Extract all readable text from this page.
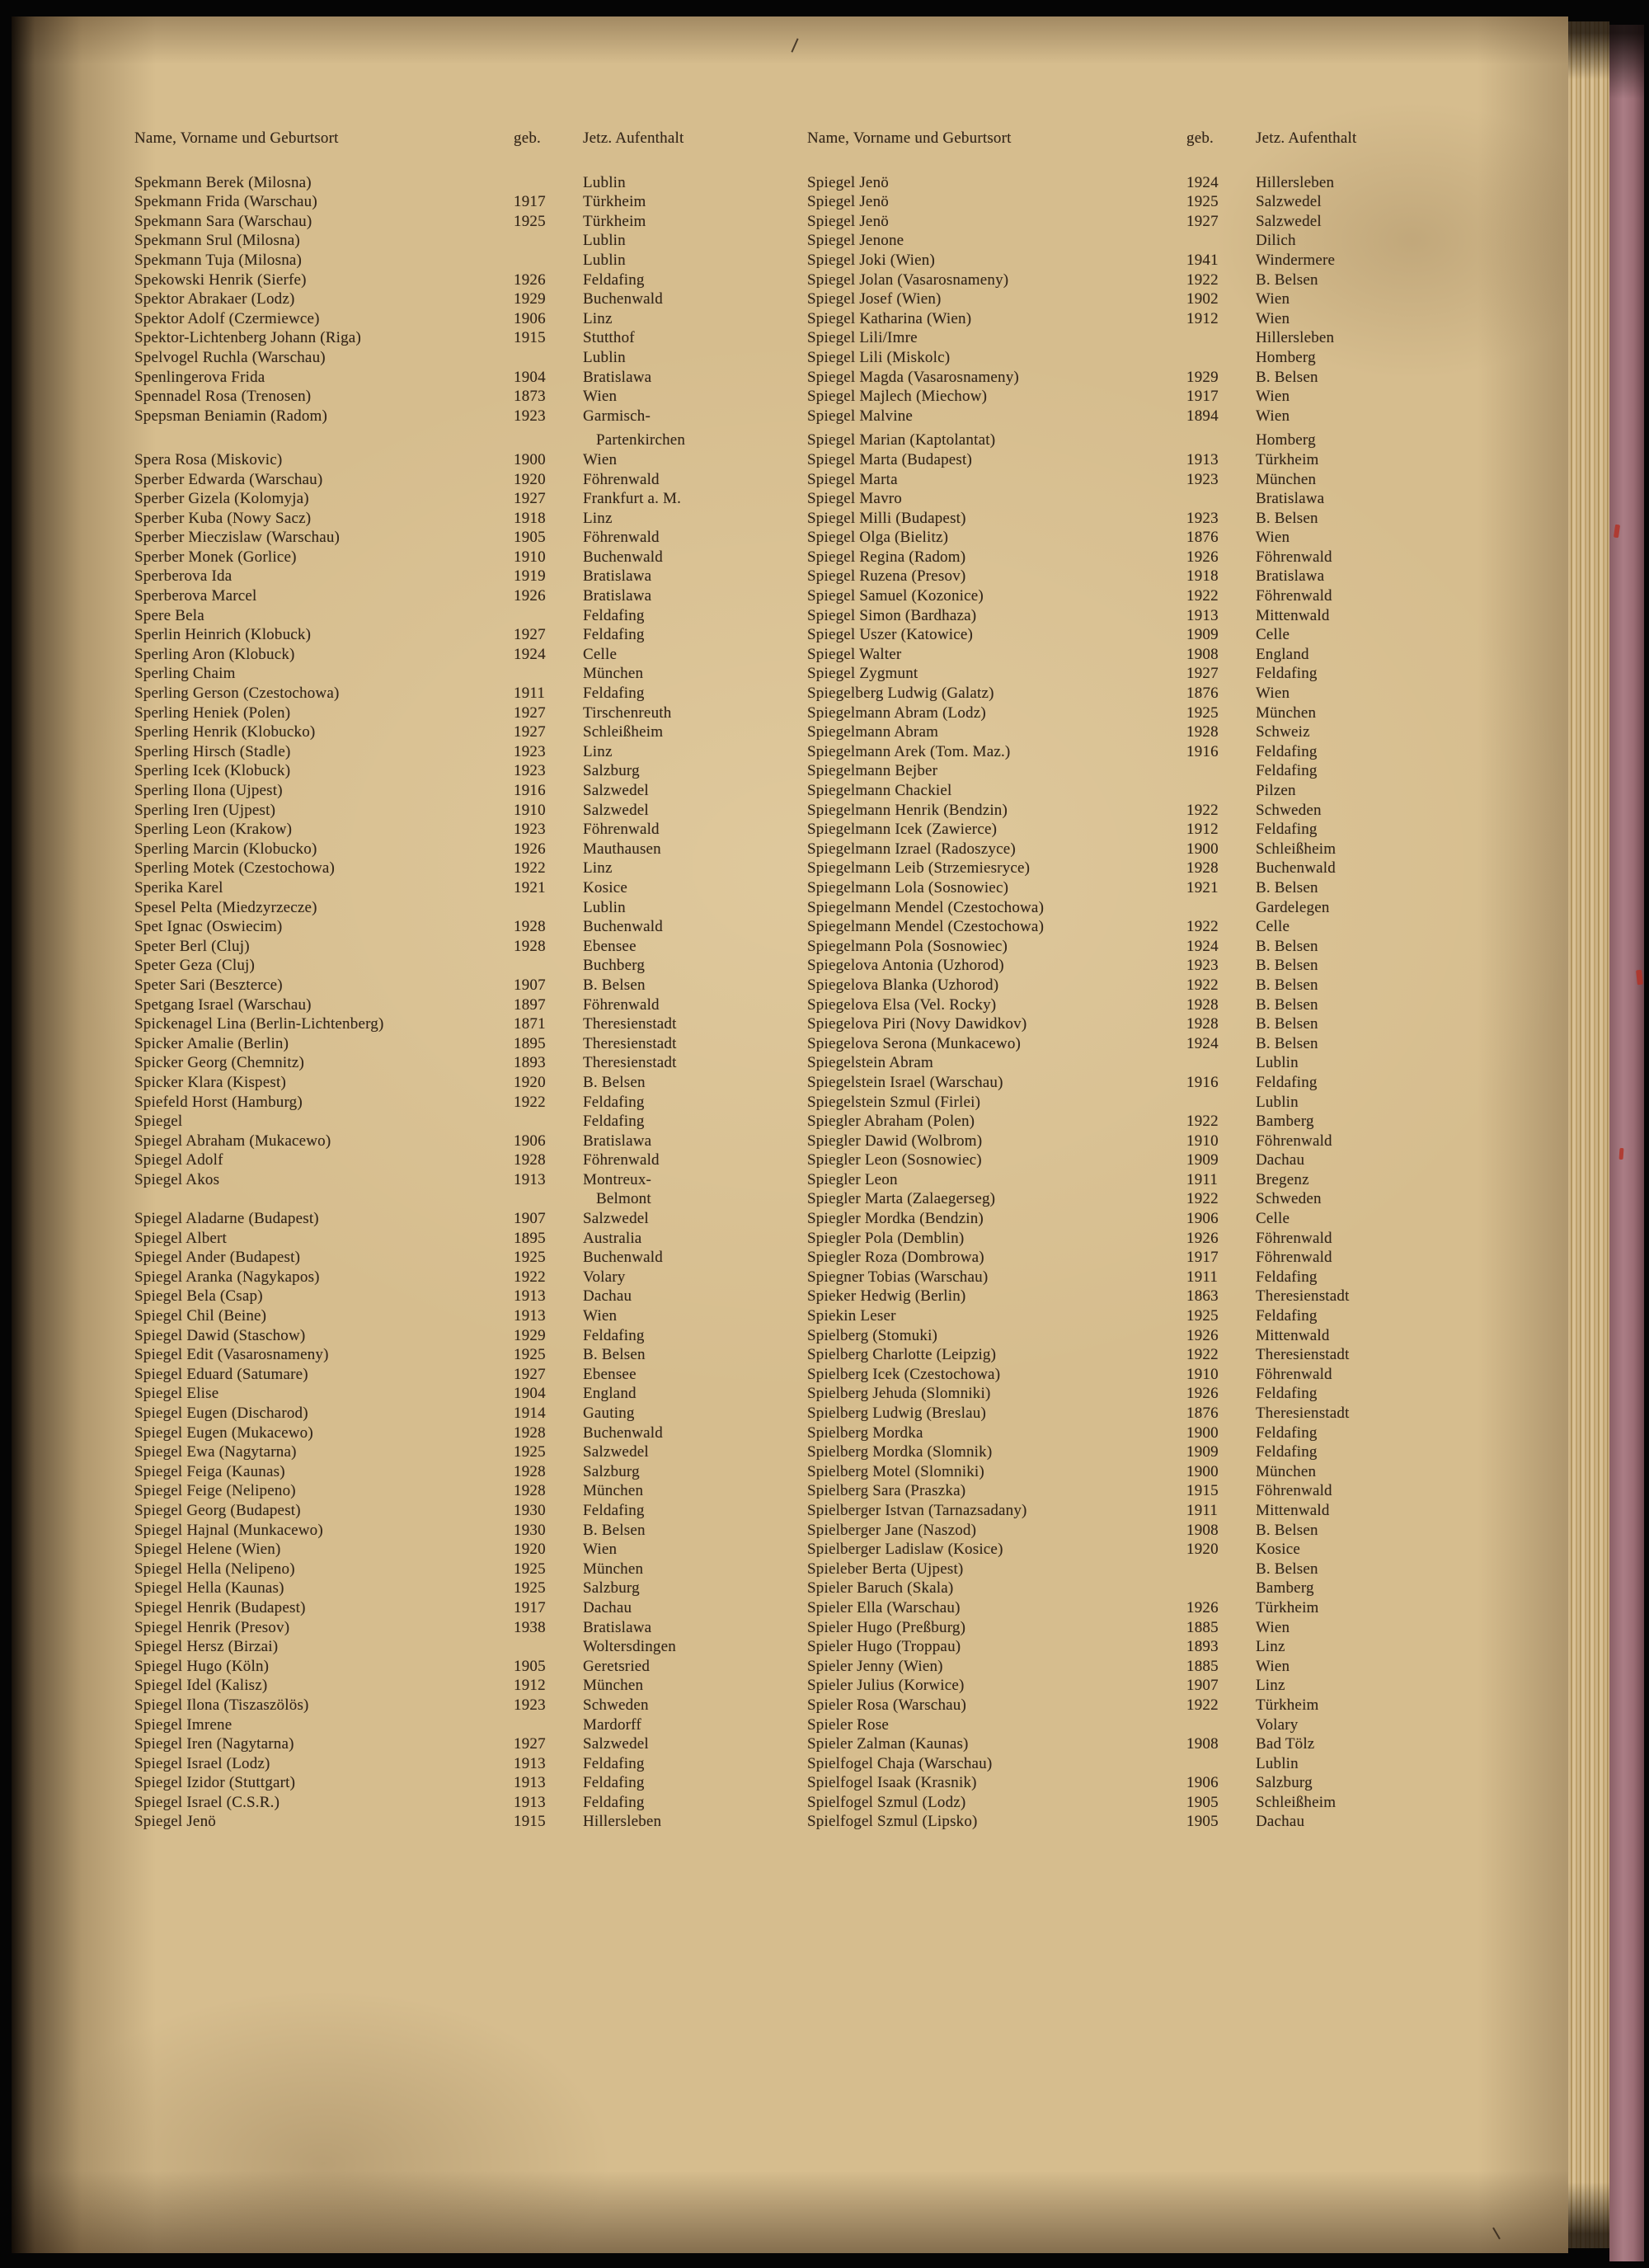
Name, Vorname und Geburtsort	geb.	Jetz. Aufenthalt
Spekmann Berek (Milosna)	Lublin
Spekmann Frida (Warschau)	1917	Türkheim
Spekmann Sara (Warschau)	1925	Türkheim
Spekmann Srul (Milosna)	Lublin
Spekmann Tuja (Milosna)	Lublin
Spekowski Henrik (Sierfe)	1926	Feldafing
Spektor Abrakaer (Lodz)	1929	Buchenwald
Spektor Adolf (Czermiewce)	1906	Linz
Spektor-Lichtenberg Johann (Riga)	1915	Stutthof
Spelvogel Ruchla (Warschau)	Lublin
Spenlingerova Frida	1904	Bratislawa
Spennadel Rosa (Trenosen)	1873	Wien
Spepsman Beniamin (Radom)	1923	Garmisch-
Partenkirchen
Spera Rosa (Miskovic)	1900	Wien
Sperber Edwarda (Warschau)	1920	Föhrenwald
Sperber Gizela (Kolomyja)	1927	Frankfurt a. M.
Sperber Kuba (Nowy Sacz)	1918	Linz
Sperber Mieczislaw (Warschau)	1905	Föhrenwald
Sperber Monek (Gorlice)	1910	Buchenwald
Sperberova Ida	1919	Bratislawa
Sperberova Marcel	1926	Bratislawa
Spere Bela	Feldafing
Sperlin Heinrich (Klobuck)	1927	Feldafing
Sperling Aron (Klobuck)	1924	Celle
Sperling Chaim	München
Sperling Gerson (Czestochowa)	1911	Feldafing
Sperling Heniek (Polen)	1927	Tirschenreuth
Sperling Henrik (Klobucko)	1927	Schleißheim
Sperling Hirsch (Stadle)	1923	Linz
Sperling Icek (Klobuck)	1923	Salzburg
Sperling Ilona (Ujpest)	1916	Salzwedel
Sperling Iren (Ujpest)	1910	Salzwedel
Sperling Leon (Krakow)	1923	Föhrenwald
Sperling Marcin (Klobucko)	1926	Mauthausen
Sperling Motek (Czestochowa)	1922	Linz
Sperika Karel	1921	Kosice
Spesel Pelta (Miedzyrzecze)	Lublin
Spet Ignac (Oswiecim)	1928	Buchenwald
Speter Berl (Cluj)	1928	Ebensee
Speter Geza (Cluj)	Buchberg
Speter Sari (Beszterce)	1907	B. Belsen
Spetgang Israel (Warschau)	1897	Föhrenwald
Spickenagel Lina (Berlin-Lichtenberg)	1871	Theresienstadt
Spicker Amalie (Berlin)	1895	Theresienstadt
Spicker Georg (Chemnitz)	1893	Theresienstadt
Spicker Klara (Kispest)	1920	B. Belsen
Spiefeld Horst (Hamburg)	1922	Feldafing
Spiegel	Feldafing
Spiegel Abraham (Mukacewo)	1906	Bratislawa
Spiegel Adolf	1928	Föhrenwald
Spiegel Akos	1913	Montreux-
Belmont
Spiegel Aladarne (Budapest)	1907	Salzwedel
Spiegel Albert	1895	Australia
Spiegel Ander (Budapest)	1925	Buchenwald
Spiegel Aranka (Nagykapos)	1922	Volary
Spiegel Bela (Csap)	1913	Dachau
Spiegel Chil (Beine)	1913	Wien
Spiegel Dawid (Staschow)	1929	Feldafing
Spiegel Edit (Vasarosnameny)	1925	B. Belsen
Spiegel Eduard (Satumare)	1927	Ebensee
Spiegel Elise	1904	England
Spiegel Eugen (Discharod)	1914	Gauting
Spiegel Eugen (Mukacewo)	1928	Buchenwald
Spiegel Ewa (Nagytarna)	1925	Salzwedel
Spiegel Feiga (Kaunas)	1928	Salzburg
Spiegel Feige (Nelipeno)	1928	München
Spiegel Georg (Budapest)	1930	Feldafing
Spiegel Hajnal (Munkacewo)	1930	B. Belsen
Spiegel Helene (Wien)	1920	Wien
Spiegel Hella (Nelipeno)	1925	München
Spiegel Hella (Kaunas)	1925	Salzburg
Spiegel Henrik (Budapest)	1917	Dachau
Spiegel Henrik (Presov)	1938	Bratislawa
Spiegel Hersz (Birzai)	Woltersdingen
Spiegel Hugo (Köln)	1905	Geretsried
Spiegel Idel (Kalisz)	1912	München
Spiegel Ilona (Tiszaszölös)	1923	Schweden
Spiegel Imrene	Mardorff
Spiegel Iren (Nagytarna)	1927	Salzwedel
Spiegel Israel (Lodz)	1913	Feldafing
Spiegel Izidor (Stuttgart)	1913	Feldafing
Spiegel Israel (C.S.R.)	1913	Feldafing
Spiegel Jenö	1915	Hillersleben
Name, Vorname und Geburtsort	geb.	Jetz. Aufenthalt
Spiegel Jenö	1924	Hillersleben
Spiegel Jenö	1925	Salzwedel
Spiegel Jenö	1927	Salzwedel
Spiegel Jenone	Dilich
Spiegel Joki (Wien)	1941	Windermere
Spiegel Jolan (Vasarosnameny)	1922	B. Belsen
Spiegel Josef (Wien)	1902	Wien
Spiegel Katharina (Wien)	1912	Wien
Spiegel Lili/Imre	Hillersleben
Spiegel Lili (Miskolc)	Homberg
Spiegel Magda (Vasarosnameny)	1929	B. Belsen
Spiegel Majlech (Miechow)	1917	Wien
Spiegel Malvine	1894	Wien
Spiegel Marian (Kaptolantat)	Homberg
Spiegel Marta (Budapest)	1913	Türkheim
Spiegel Marta	1923	München
Spiegel Mavro	Bratislawa
Spiegel Milli (Budapest)	1923	B. Belsen
Spiegel Olga (Bielitz)	1876	Wien
Spiegel Regina (Radom)	1926	Föhrenwald
Spiegel Ruzena (Presov)	1918	Bratislawa
Spiegel Samuel (Kozonice)	1922	Föhrenwald
Spiegel Simon (Bardhaza)	1913	Mittenwald
Spiegel Uszer (Katowice)	1909	Celle
Spiegel Walter	1908	England
Spiegel Zygmunt	1927	Feldafing
Spiegelberg Ludwig (Galatz)	1876	Wien
Spiegelmann Abram (Lodz)	1925	München
Spiegelmann Abram	1928	Schweiz
Spiegelmann Arek (Tom. Maz.)	1916	Feldafing
Spiegelmann Bejber	Feldafing
Spiegelmann Chackiel	Pilzen
Spiegelmann Henrik (Bendzin)	1922	Schweden
Spiegelmann Icek (Zawierce)	1912	Feldafing
Spiegelmann Izrael (Radoszyce)	1900	Schleißheim
Spiegelmann Leib (Strzemiesryce)	1928	Buchenwald
Spiegelmann Lola (Sosnowiec)	1921	B. Belsen
Spiegelmann Mendel (Czestochowa)	Gardelegen
Spiegelmann Mendel (Czestochowa)	1922	Celle
Spiegelmann Pola (Sosnowiec)	1924	B. Belsen
Spiegelova Antonia (Uzhorod)	1923	B. Belsen
Spiegelova Blanka (Uzhorod)	1922	B. Belsen
Spiegelova Elsa (Vel. Rocky)	1928	B. Belsen
Spiegelova Piri (Novy Dawidkov)	1928	B. Belsen
Spiegelova Serona (Munkacewo)	1924	B. Belsen
Spiegelstein Abram	Lublin
Spiegelstein Israel (Warschau)	1916	Feldafing
Spiegelstein Szmul (Firlei)	Lublin
Spiegler Abraham (Polen)	1922	Bamberg
Spiegler Dawid (Wolbrom)	1910	Föhrenwald
Spiegler Leon (Sosnowiec)	1909	Dachau
Spiegler Leon	1911	Bregenz
Spiegler Marta (Zalaegerseg)	1922	Schweden
Spiegler Mordka (Bendzin)	1906	Celle
Spiegler Pola (Demblin)	1926	Föhrenwald
Spiegler Roza (Dombrowa)	1917	Föhrenwald
Spiegner Tobias (Warschau)	1911	Feldafing
Spieker Hedwig (Berlin)	1863	Theresienstadt
Spiekin Leser	1925	Feldafing
Spielberg (Stomuki)	1926	Mittenwald
Spielberg Charlotte (Leipzig)	1922	Theresienstadt
Spielberg Icek (Czestochowa)	1910	Föhrenwald
Spielberg Jehuda (Slomniki)	1926	Feldafing
Spielberg Ludwig (Breslau)	1876	Theresienstadt
Spielberg Mordka	1900	Feldafing
Spielberg Mordka (Slomnik)	1909	Feldafing
Spielberg Motel (Slomniki)	1900	München
Spielberg Sara (Praszka)	1915	Föhrenwald
Spielberger Istvan (Tarnazsadany)	1911	Mittenwald
Spielberger Jane (Naszod)	1908	B. Belsen
Spielberger Ladislaw (Kosice)	1920	Kosice
Spieleber Berta (Ujpest)	B. Belsen
Spieler Baruch (Skala)	Bamberg
Spieler Ella (Warschau)	1926	Türkheim
Spieler Hugo (Preßburg)	1885	Wien
Spieler Hugo (Troppau)	1893	Linz
Spieler Jenny (Wien)	1885	Wien
Spieler Julius (Korwice)	1907	Linz
Spieler Rosa (Warschau)	1922	Türkheim
Spieler Rose	Volary
Spieler Zalman (Kaunas)	1908	Bad Tölz
Spielfogel Chaja (Warschau)	Lublin
Spielfogel Isaak (Krasnik)	1906	Salzburg
Spielfogel Szmul (Lodz)	1905	Schleißheim
Spielfogel Szmul (Lipsko)	1905	Dachau
